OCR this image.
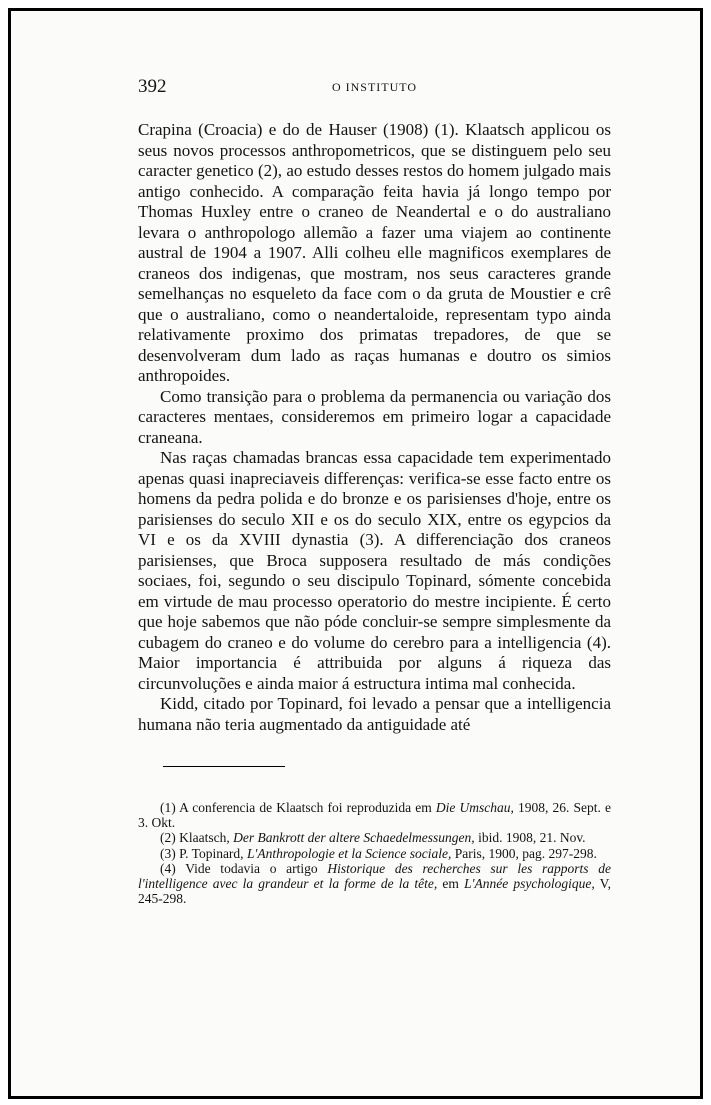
392	O INSTITUTO

Crapina (Croacia) e do de Hauser (1908) (1). Klaatsch applicou os seus novos processos anthropometricos, que se distinguem pelo seu caracter genetico (2), ao estudo desses restos do homem julgado mais antigo conhecido. A comparação feita havia já longo tempo por Thomas Huxley entre o craneo de Neandertal e o do australiano levara o anthropologo allemão a fazer uma viajem ao continente austral de 1904 a 1907. Alli colheu elle magnificos exemplares de craneos dos indigenas, que mostram, nos seus caracteres grande semelhanças no esqueleto da face com o da gruta de Moustier e crê que o australiano, como o neandertaloide, representam typo ainda relativamente proximo dos primatas trepadores, de que se desenvolveram dum lado as raças humanas e doutro os simios anthropoides.

Como transição para o problema da permanencia ou variação dos caracteres mentaes, consideremos em primeiro logar a capacidade craneana.

Nas raças chamadas brancas essa capacidade tem experimentado apenas quasi inapreciaveis differenças: verifica-se esse facto entre os homens da pedra polida e do bronze e os parisienses d'hoje, entre os parisienses do seculo XII e os do seculo XIX, entre os egypcios da VI e os da XVIII dynastia (3). A differenciação dos craneos parisienses, que Broca supposera resultado de más condições sociaes, foi, segundo o seu discipulo Topinard, sómente concebida em virtude de mau processo operatorio do mestre incipiente. É certo que hoje sabemos que não póde concluir-se sempre simplesmente da cubagem do craneo e do volume do cerebro para a intelligencia (4). Maior importancia é attribuida por alguns á riqueza das circunvoluções e ainda maior á estructura intima mal conhecida.

Kidd, citado por Topinard, foi levado a pensar que a intelligencia humana não teria augmentado da antiguidade até

(1) A conferencia de Klaatsch foi reproduzida em Die Umschau, 1908, 26. Sept. e 3. Okt.

(2) Klaatsch, Der Bankrott der altere Schaedelmessungen, ibid. 1908, 21. Nov.

(3) P. Topinard, L'Anthropologie et la Science sociale, Paris, 1900, pag. 297-298.

(4) Vide todavia o artigo Historique des recherches sur les rapports de l'intelligence avec la grandeur et la forme de la tête, em L'Année psychologique, V, 245-298.
